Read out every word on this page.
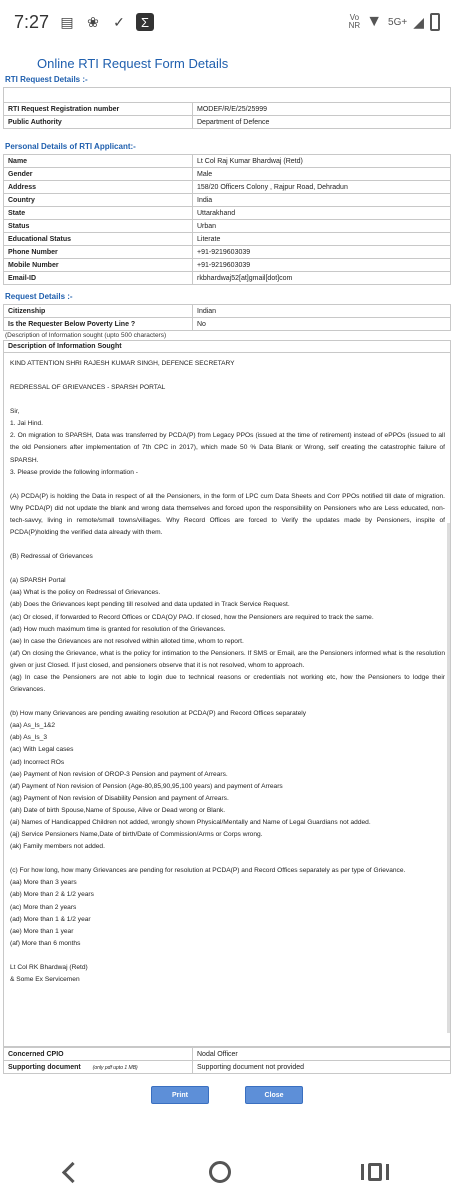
7:27 ▤ ❀ ✓	Σ	Vo
NR ▼ 5G+ ◢
Online RTI Request Form Details
RTI Request Details :-

RTI Request Registration number	MODEF/R/E/25/25999
Public Authority	Department of Defence
Personal Details of RTI Applicant:-
Name	Lt Col Raj Kumar Bhardwaj (Retd)
Gender	Male
Address	158/20 Officers Colony , Rajpur Road, Dehradun
Country	India
State	Uttarakhand
Status	Urban
Educational Status	Literate
Phone Number	+91-9219603039
Mobile Number	+91-9219603039
Email-ID	rkbhardwaj52[at]gmail[dot]com
Request Details :-
Citizenship	Indian
Is the Requester Below Poverty Line ?	No
(Description of Information sought (upto 500 characters)
Description of Information Sought
KIND ATTENTION SHRI RAJESH KUMAR SINGH, DEFENCE SECRETARY
REDRESSAL OF GRIEVANCES - SPARSH PORTAL
Sir,
1. Jai Hind.
2. On migration to SPARSH, Data was transferred by PCDA(P) from Legacy PPOs (issued at the time of retirement) instead of ePPOs (issued to all the old Pensioners after implementation of 7th CPC in 2017), which made 50 % Data Blank or Wrong, self creating the catastrophic failure of SPARSH.
3. Please provide the following information -
(A) PCDA(P) is holding the Data in respect of all the Pensioners, in the form of LPC cum Data Sheets and Corr PPOs notified till date of migration. Why PCDA(P) did not update the blank and wrong data themselves and forced upon the responsibility on Pensioners who are Less educated, non-tech-savvy, living in remote/small towns/villages. Why Record Offices are forced to Verify the updates made by Pensioners, inspite of PCDA(P)holding the verified data already with them.
(B) Redressal of Grievances
(a) SPARSH Portal
(aa) What is the policy on Redressal of Grievances.
(ab) Does the Grievances kept pending till resolved and data updated in Track Service Request.
(ac) Or closed, if forwarded to Record Offices or CDA(O)/ PAO. If closed, how the Pensioners are required to track the same.
(ad) How much maximum time is granted for resolution of the Grievances.
(ae) In case the Grievances are not resolved within alloted time, whom to report.
(af) On closing the Grievance, what is the policy for intimation to the Pensioners. If SMS or Email, are the Pensioners informed what is the resolution given or just Closed. If just closed, and pensioners observe that it is not resolved, whom to approach.
(ag) In case the Pensioners are not able to login due to technical reasons or credentials not working etc, how the Pensioners to lodge their Grievances.
(b) How many Grievances are pending awaiting resolution at PCDA(P) and Record Offices separately
(aa) As_Is_1&2
(ab) As_Is_3
(ac) With Legal cases
(ad) Incorrect ROs
(ae) Payment of Non revision of OROP-3 Pension and payment of Arrears.
(af) Payment of Non revision of Pension (Age-80,85,90,95,100 years) and payment of Arrears
(ag) Payment of Non revision of Disability Pension and payment of Arrears.
(ah) Date of birth Spouse,Name of Spouse, Alive or Dead wrong or Blank.
(ai) Names of Handicapped Children not added, wrongly shown Physical/Mentally and Name of Legal Guardians not added.
(aj) Service Pensioners Name,Date of birth/Date of Commission/Arms or Corps wrong.
(ak) Family members not added.
(c) For how long, how many Grievances are pending for resolution at PCDA(P) and Record Offices separately as per type of Grievance.
(aa) More than 3 years
(ab) More than 2 & 1/2 years
(ac) More than 2 years
(ad) More than 1 & 1/2 year
(ae) More than 1 year
(af) More than 6 months
Lt Col RK Bhardwaj (Retd)
& Some Ex Servicemen
Concerned CPIO	Nodal Officer
Supporting document (only pdf upto 1 MB)	Supporting document not provided
Print	Close
